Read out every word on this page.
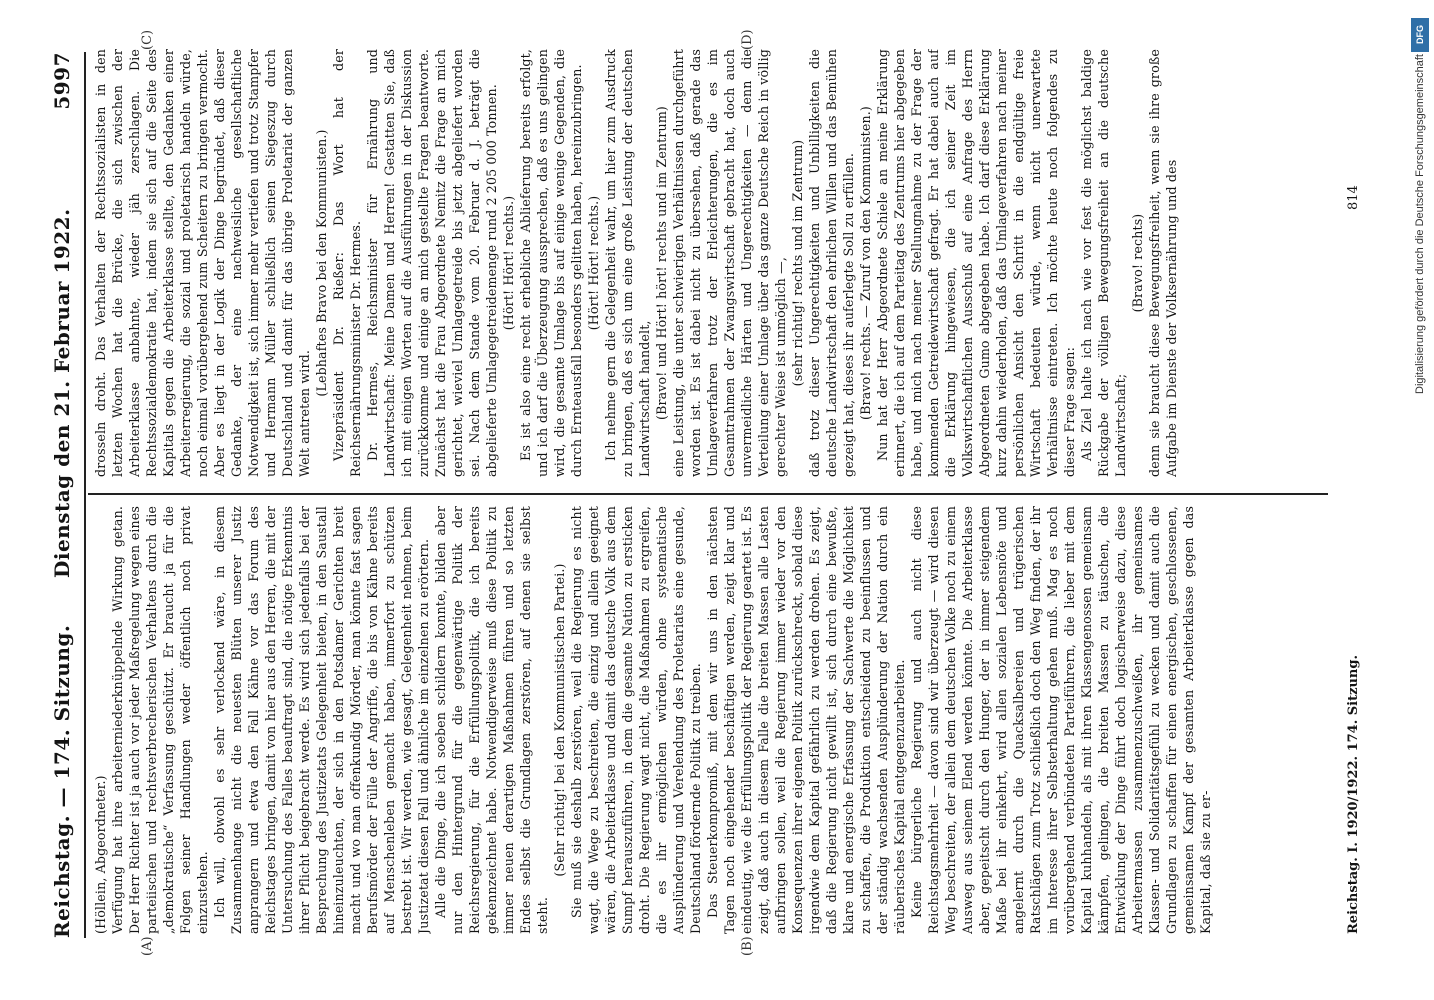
Reichstag. — 174. Sitzung.
Dienstag den 21. Februar 1922.
5997
(A)	(B)
(C)	(D)

(Höllein, Abgeordneter.) Verfügung hat ihre arbeiterniederknüppelnde Wirkung getan. Der Herr Richter ist ja auch vor jeder Maßregelung wegen eines parteiischen und rechtsverbrecherischen Verhaltens durch die „demokratische“ Verfassung geschützt. Er braucht ja für die Folgen seiner Handlungen weder öffentlich noch privat einzustehen. Ich will, obwohl es sehr verlockend wäre, in diesem Zusammenhange nicht die neuesten Blüten unserer Justiz anprangern und etwa den Fall Kähne vor das Forum des Reichstages bringen, damit von hier aus den Herren, die mit der Untersuchung des Falles beauftragt sind, die nötige Erkenntnis ihrer Pflicht beigebracht werde. Es wird sich jedenfalls bei der Besprechung des Justizetats Gelegenheit bieten, in den Saustall hineinzuleuchten, der sich in den Potsdamer Gerichten breit macht und wo man offenkundig Mörder, man könnte fast sagen Berufsmörder der Fülle der Angriffe, die bis von Kähne bereits auf Menschenleben gemacht haben, immerfort zu schützen bestrebt ist. Wir werden, wie gesagt, Gelegenheit nehmen, beim Justizetat diesen Fall und ähnliche im einzelnen zu erörtern. Alle die Dinge, die ich soeben schildern konnte, bilden aber nur den Hintergrund für die gegenwärtige Politik der Reichsregierung, für die Erfüllungspolitik, die ich bereits gekennzeichnet habe. Notwendigerweise muß diese Politik zu immer neuen derartigen Maßnahmen führen und so letzten Endes selbst die Grundlagen zerstören, auf denen sie selbst steht.

(Sehr richtig! bei den Kommunistischen Partei.) Sie muß sie deshalb zerstören, weil die Regierung es nicht wagt, die Wege zu beschreiten, die einzig und allein geeignet wären, die Arbeiterklasse und damit das deutsche Volk aus dem Sumpf herauszuführen, in dem die gesamte Nation zu ersticken droht. Die Regierung wagt nicht, die Maßnahmen zu ergreifen, die es ihr ermöglichen würden, ohne systematische Ausplünderung und Verelendung des Proletariats eine gesunde, Deutschland fördernde Politik zu treiben. Das Steuerkompromiß, mit dem wir uns in den nächsten Tagen noch eingehender beschäftigen werden, zeigt klar und eindeutig, wie die Erfüllungspolitik der Regierung geartet ist. Es zeigt, daß auch in diesem Falle die breiten Massen alle Lasten aufbringen sollen, weil die Regierung immer wieder vor den Konsequenzen ihrer eigenen Politik zurückschreckt, sobald diese irgendwie dem Kapital gefährlich zu werden drohen. Es zeigt, daß die Regierung nicht gewillt ist, sich durch eine bewußte, klare und energische Erfassung der Sachwerte die Möglichkeit zu schaffen, die Produktion entscheidend zu beeinflussen und der ständig wachsenden Ausplünderung der Nation durch ein räuberisches Kapital entgegenzuarbeiten. Keine bürgerliche Regierung und auch nicht diese Reichstagsmehrheit — davon sind wir überzeugt — wird diesen Weg beschreiten, der allein dem deutschen Volke noch zu einem Ausweg aus seinem Elend werden könnte. Die Arbeiterklasse aber, gepeitscht durch den Hunger, der in immer steigendem Maße bei ihr einkehrt, wird allen sozialen Lebensnöte und angelernt durch die Quacksalbereien und trügerischen Ratschlägen zum Trotz schließlich doch den Weg finden, der ihr im Interesse ihrer Selbsterhaltung gehen muß. Mag es noch vorübergehend verbündeten Parteiführern, die lieber mit dem Kapital kuhhandeln, als mit ihren Klassengenossen gemeinsam kämpfen, gelingen, die breiten Massen zu täuschen, die Entwicklung der Dinge führt doch logischerweise dazu, diese Arbeitermassen zusammenzuschweißen, ihr gemeinsames Klassen- und Solidaritätsgefühl zu wecken und damit auch die Grundlagen zu schaffen für einen energischen, geschlossenen, gemeinsamen Kampf der gesamten Arbeiterklasse gegen das Kapital, daß sie zu er-

drosseln droht. Das Verhalten der Rechtssozialisten in den letzten Wochen hat die Brücke, die sich zwischen der Arbeiterklasse anbahnte, wieder jäh zerschlagen. Die Rechtssozialdemokratie hat, indem sie sich auf die Seite des Kapitals gegen die Arbeiterklasse stellte, den Gedanken einer Arbeiterregierung, die sozial und proletarisch handeln würde, noch einmal vorübergehend zum Scheitern zu bringen vermocht. Aber es liegt in der Logik der Dinge begründet, daß dieser Gedanke, der eine nachweisliche gesellschaftliche Notwendigkeit ist, sich immer mehr vertiefen und trotz Stampfer und Hermann Müller schließlich seinen Siegeszug durch Deutschland und damit für das übrige Proletariat der ganzen Welt antreten wird.

(Lebhaftes Bravo bei den Kommunisten.) Vizepräsident Dr. Rießer: Das Wort hat der Reichsernährungsminister Dr. Hermes. Dr. Hermes, Reichsminister für Ernährung und Landwirtschaft: Meine Damen und Herren! Gestatten Sie, daß ich mit einigen Worten auf die Ausführungen in der Diskussion zurückkomme und einige an mich gestellte Fragen beantworte. Zunächst hat die Frau Abgeordnete Nemitz die Frage an mich gerichtet, wieviel Umlagegetreide bis jetzt abgeliefert worden sei. Nach dem Stande vom 20. Februar d. J. beträgt die abgelieferte Umlagegetreidemenge rund 2 205 000 Tonnen. (Hört! Hört! rechts.) Es ist also eine recht erhebliche Ablieferung bereits erfolgt, und ich darf die Überzeugung aussprechen, daß es uns gelingen wird, die gesamte Umlage bis auf einige wenige Gegenden, die durch Ernteausfall besonders gelitten haben, hereinzubringen. (Hört! Hört! rechts.) Ich nehme gern die Gelegenheit wahr, um hier zum Ausdruck zu bringen, daß es sich um eine große Leistung der deutschen Landwirtschaft handelt, (Bravo! und Hört! hört! rechts und im Zentrum) eine Leistung, die unter schwierigen Verhältnissen durchgeführt worden ist. Es ist dabei nicht zu übersehen, daß gerade das Umlageverfahren trotz der Erleichterungen, die es im Gesamtrahmen der Zwangswirtschaft gebracht hat, doch auch unvermeidliche Härten und Ungerechtigkeiten — denn die Verteilung einer Umlage über das ganze Deutsche Reich in völlig gerechter Weise ist unmöglich —, (sehr richtig! rechts und im Zentrum) daß trotz dieser Ungerechtigkeiten und Unbilligkeiten die deutsche Landwirtschaft den ehrlichen Willen und das Bemühen gezeigt hat, dieses ihr auferlegte Soll zu erfüllen. (Bravo! rechts. — Zuruf von den Kommunisten.) Nun hat der Herr Abgeordnete Schiele an meine Erklärung erinnert, die ich auf dem Parteitag des Zentrums hier abgegeben habe, und mich nach meiner Stellungnahme zu der Frage der kommenden Getreidewirtschaft gefragt. Er hat dabei auch auf die Erklärung hingewiesen, die ich seiner Zeit im Volkswirtschaftlichen Ausschuß auf eine Anfrage des Herrn Abgeordneten Gumo abgegeben habe. Ich darf diese Erklärung kurz dahin wiederholen, daß das Umlageverfahren nach meiner persönlichen Ansicht den Schritt in die endgültige freie Wirtschaft bedeuten würde, wenn nicht unerwartete Verhältnisse eintreten. Ich möchte heute noch folgendes zu dieser Frage sagen: Als Ziel halte ich nach wie vor fest die möglichst baldige Rückgabe der völligen Bewegungsfreiheit an die deutsche Landwirtschaft;

(Bravo! rechts) denn sie braucht diese Bewegungsfreiheit, wenn sie ihre große Aufgabe im Dienste der Volksernährung und des

Reichstag. I. 1920/1922. 174. Sitzung.
814	Digitalisierung gefördert durch die Deutsche Forschungsgemeinschaft
DFG
